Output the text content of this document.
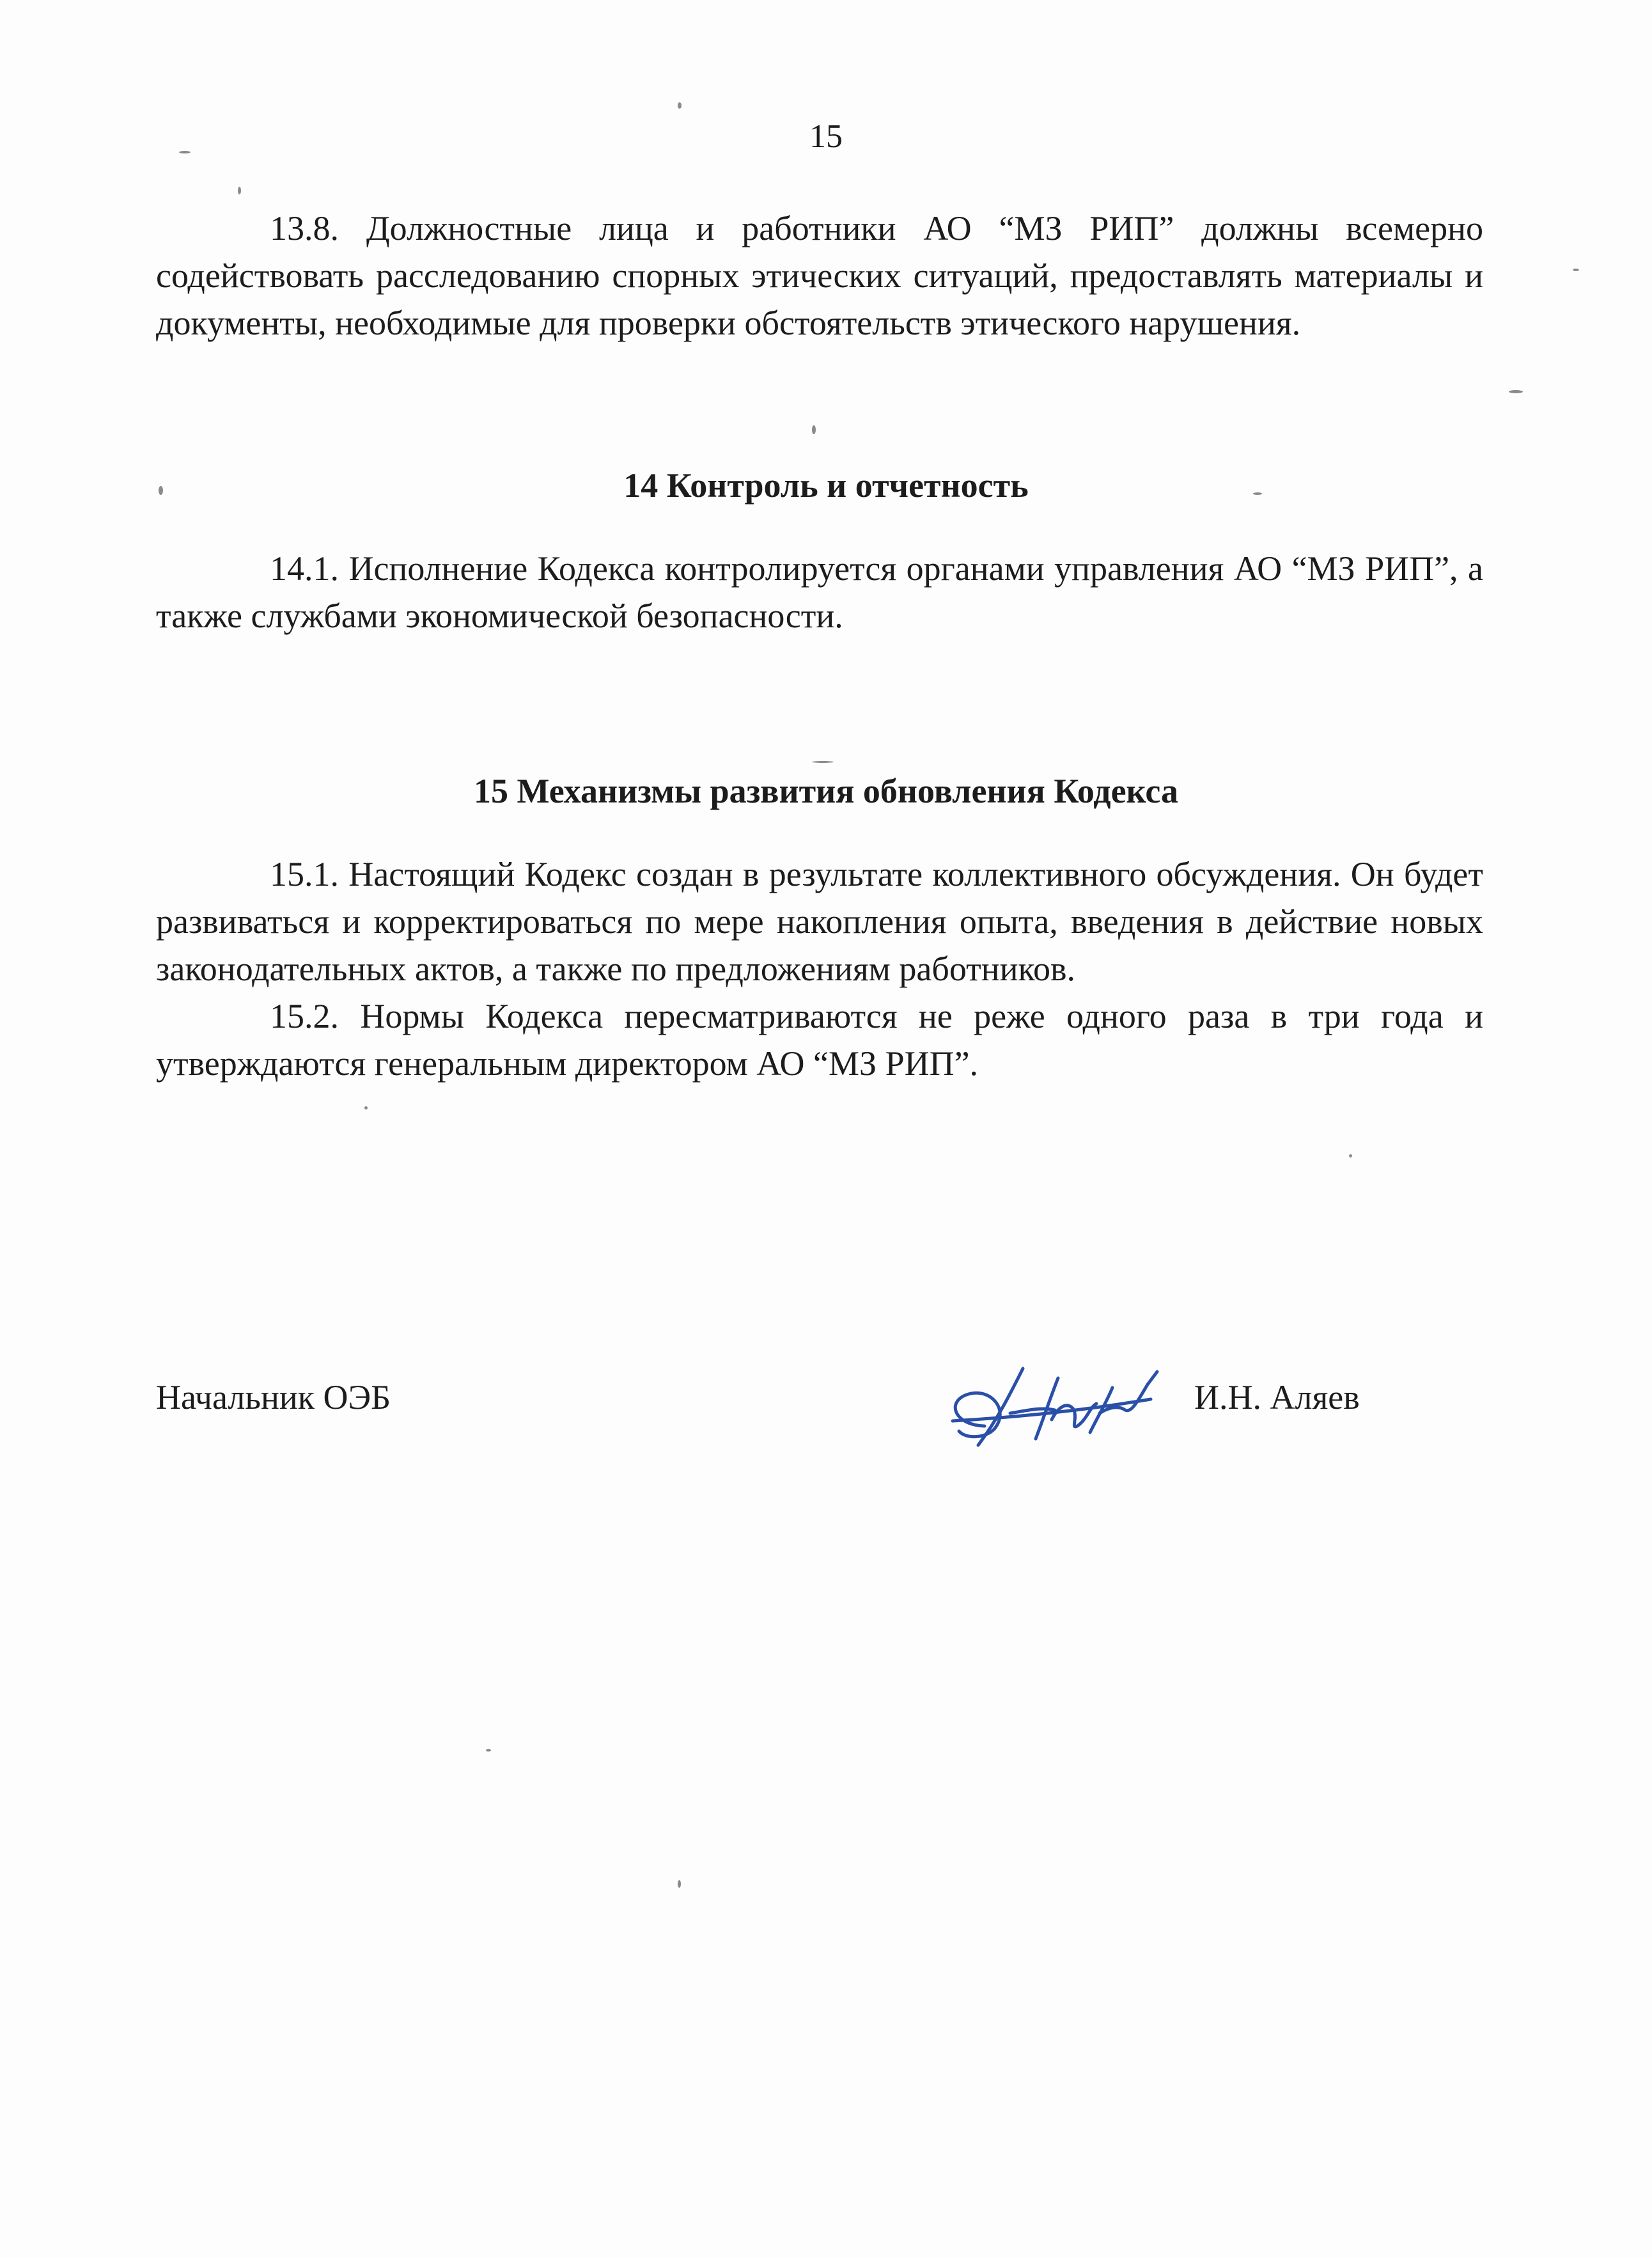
15

13.8. Должностные лица и работники АО “МЗ РИП” должны всемерно содействовать расследованию спорных этических ситуаций, предоставлять материалы и документы, необходимые для проверки обстоятельств этического нарушения.

14 Контроль и отчетность

14.1. Исполнение Кодекса контролируется органами управления АО “МЗ РИП”, а также службами экономической безопасности.

15 Механизмы развития обновления Кодекса

15.1. Настоящий Кодекс создан в результате коллективного обсуждения. Он будет развиваться и корректироваться по мере накопления опыта, введения в действие новых законодательных актов, а также по предложениям работников.

15.2. Нормы Кодекса пересматриваются не реже одного раза в три года и утверждаются генеральным директором АО “МЗ РИП”.

Начальник ОЭБ	И.Н. Аляев
